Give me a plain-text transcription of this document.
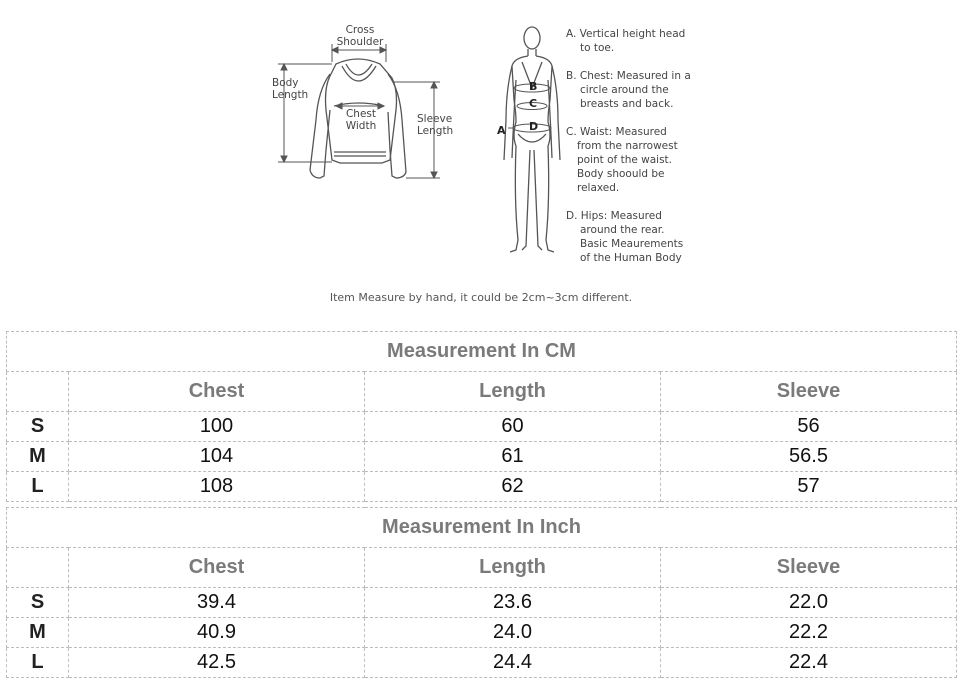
Cross
Shoulder
Body
Length
Chest
Width
Sleeve
Length	A
B
C
D
A. Vertical height head
to toe.
B. Chest: Measured in a
circle around the
breasts and back.
C. Waist: Measured
from the narrowest
point of the waist.
Body shoould be
relaxed.
D. Hips: Measured
around the rear.
Basic Meaurements
of the Human Body
Item Measure by hand, it could be 2cm~3cm different.
Measurement In CM			
	Chest	Length	Sleeve
S	100	60	56
M	104	61	56.5
L	108	62	57
Measurement In Inch			
	Chest	Length	Sleeve
S	39.4	23.6	22.0
M	40.9	24.0	22.2
L	42.5	24.4	22.4
